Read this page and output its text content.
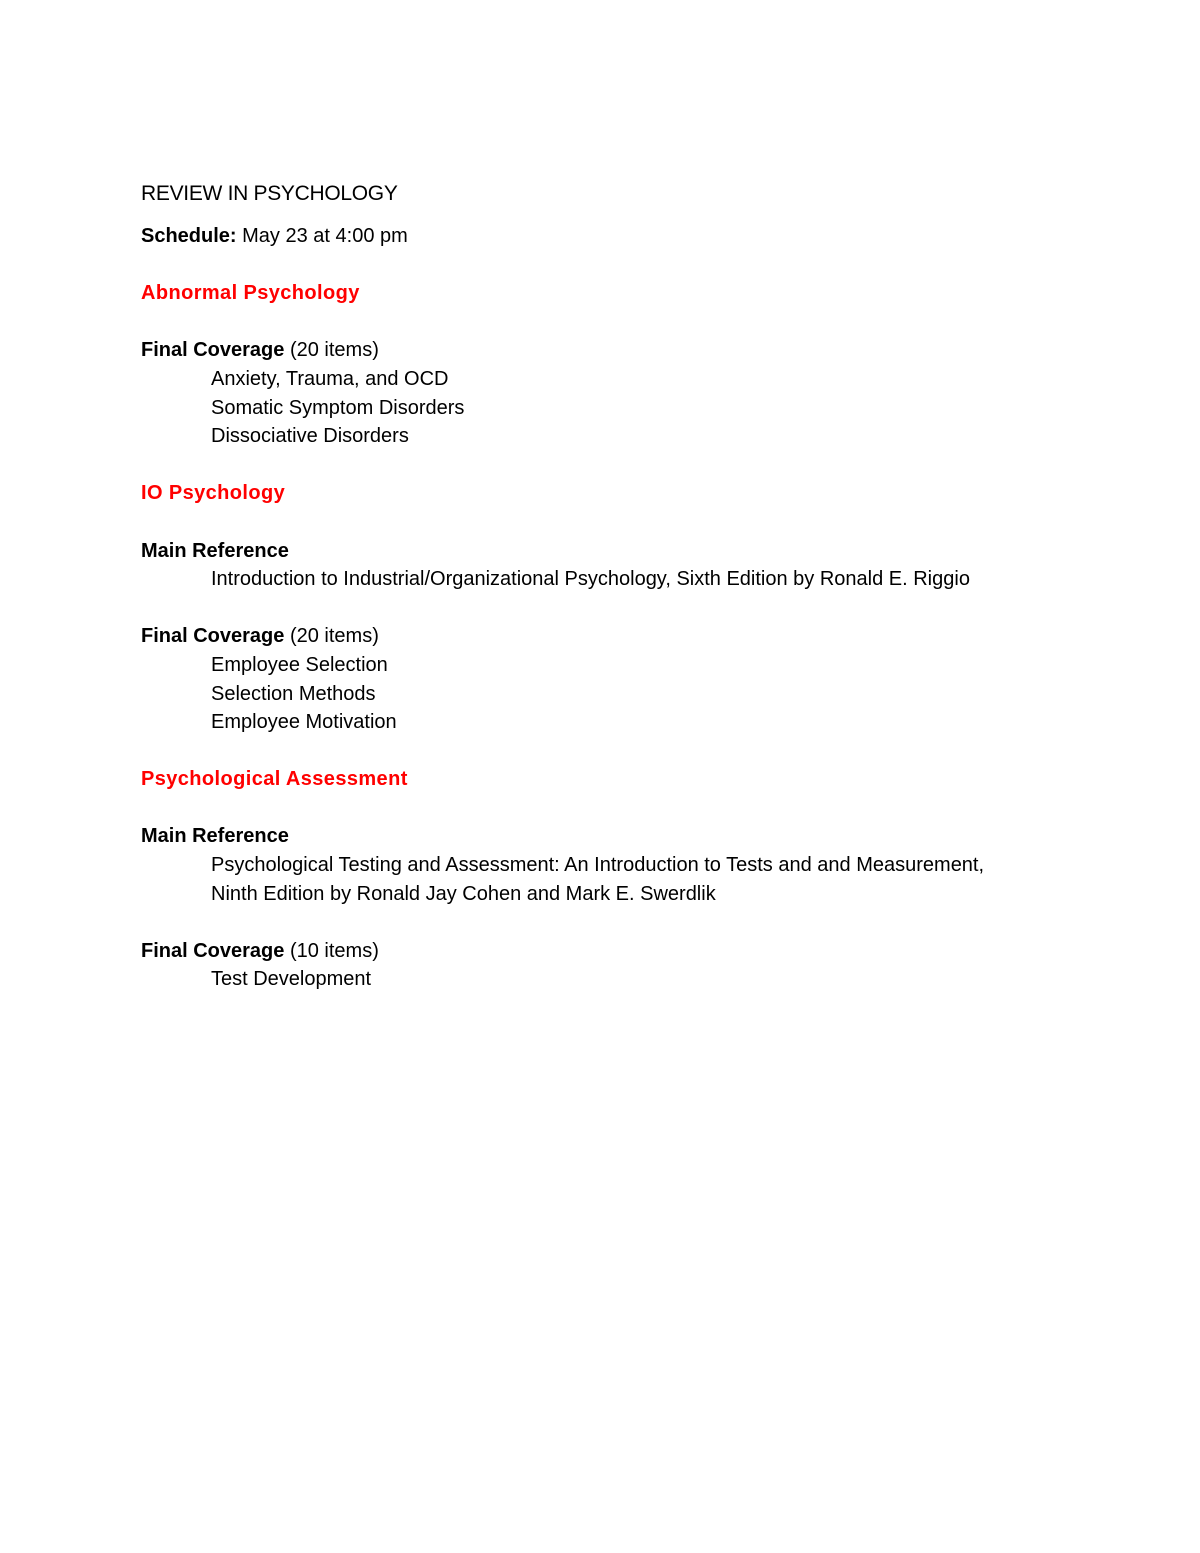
REVIEW IN PSYCHOLOGY

Schedule: May 23 at 4:00 pm

Abnormal Psychology

Final Coverage (20 items)

Anxiety, Trauma, and OCD

Somatic Symptom Disorders

Dissociative Disorders

IO Psychology

Main Reference

Introduction to Industrial/Organizational Psychology, Sixth Edition by Ronald E. Riggio

Final Coverage (20 items)

Employee Selection

Selection Methods

Employee Motivation

Psychological Assessment

Main Reference

Psychological Testing and Assessment: An Introduction to Tests and and Measurement,

Ninth Edition by Ronald Jay Cohen and Mark E. Swerdlik

Final Coverage (10 items)

Test Development
